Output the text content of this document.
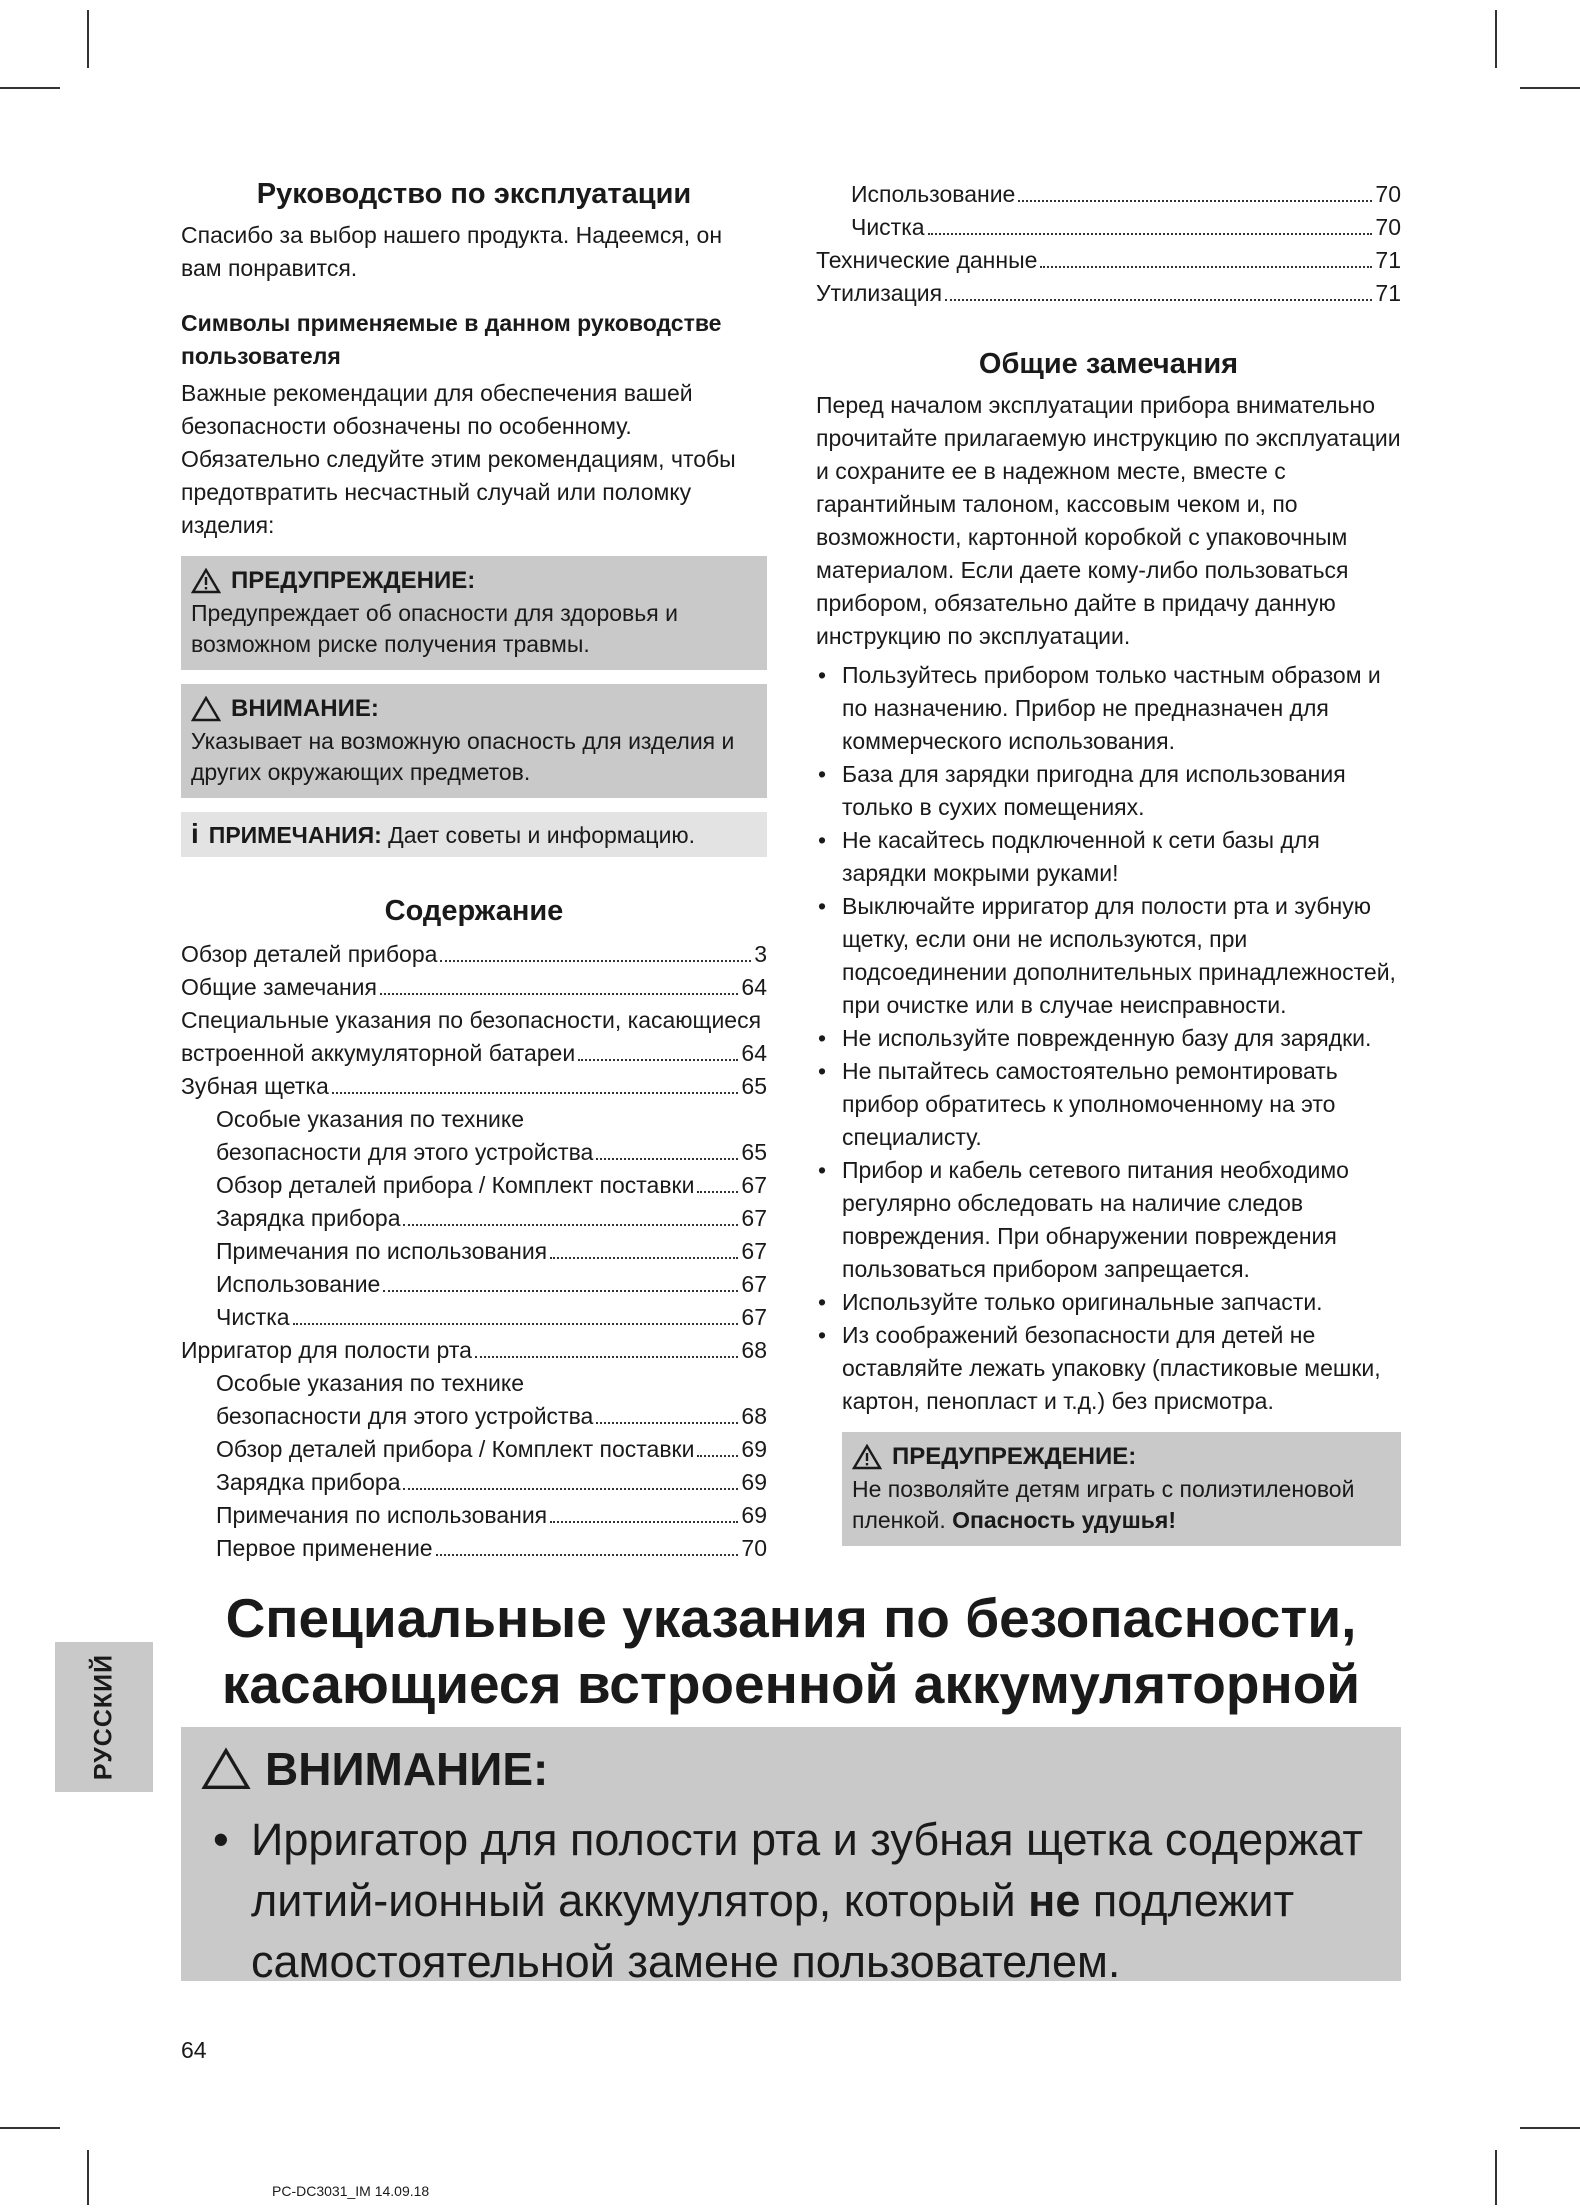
Руководство по эксплуатации

Спасибо за выбор нашего продукта. Надеемся, он вам понравится.

Символы применяемые в данном руководстве пользователя

Важные рекомендации для обеспечения вашей безопасности обозначены по особенному. Обязательно следуйте этим рекомендациям, чтобы предотвратить несчастный случай или поломку изделия:

ПРЕДУПРЕЖДЕНИЕ:
Предупреждает об опасности для здоровья и возможном риске получения травмы.
ВНИМАНИЕ:
Указывает на возможную опасность для изделия и других окружающих предметов.
i ПРИМЕЧАНИЯ: Дает советы и информацию.
Содержание
Обзор деталей прибора	3
Общие замечания	64
Специальные указания по безопасности, касающиеся
встроенной аккумуляторной батареи	64
Зубная щетка	65
Особые указания по технике
безопасности для этого устройства	65
Обзор деталей прибора / Комплект поставки 67
Зарядка прибора	67
Примечания по использования	67
Использование	67
Чистка	67
Ирригатор для полости рта	68
Особые указания по технике
безопасности для этого устройства	68
Обзор деталей прибора / Комплект поставки 69
Зарядка прибора	69
Примечания по использования	69
Первое применение	70
Использование	70
Чистка	70
Технические данные	71
Утилизация	71
Общие замечания

Перед началом эксплуатации прибора внимательно прочитайте прилагаемую инструкцию по эксплуатации и сохраните ее в надежном месте, вместе с гарантийным талоном, кассовым чеком и, по возможности, картонной коробкой с упаковочным материалом. Если даете кому-либо пользоваться прибором, обязательно дайте в придачу данную инструкцию по эксплуатации.

• Пользуйтесь прибором только частным образом и по назначению. Прибор не предназначен для коммерческого использования.
• База для зарядки пригодна для использования только в сухих помещениях.
• Не касайтесь подключенной к сети базы для зарядки мокрыми руками!
• Выключайте ирригатор для полости рта и зубную щетку, если они не используются, при подсоединении дополнительных принадлежностей, при очистке или в случае неисправности.
• Не используйте поврежденную базу для зарядки.
• Не пытайтесь самостоятельно ремонтировать прибор обратитесь к уполномоченному на это специалисту.
• Прибор и кабель сетевого питания необходимо регулярно обследовать на наличие следов повреждения. При обнаружении повреждения пользоваться прибором запрещается.
• Используйте только оригинальные запчасти.
• Из соображений безопасности для детей не оставляйте лежать упаковку (пластиковые мешки, картон, пенопласт и т.д.) без присмотра.
ПРЕДУПРЕЖДЕНИЕ:
Не позволяйте детям играть с полиэтиленовой пленкой. Опасность удушья!
Специальные указания по безопасности,
касающиеся встроенной аккумуляторной
ВНИМАНИЕ:
• Ирригатор для полости рта и зубная щетка содержат литий-ионный аккумулятор, который не подлежит самостоятельной замене пользователем.
РУССКИЙ
64
PC-DC3031_IM 14.09.18
